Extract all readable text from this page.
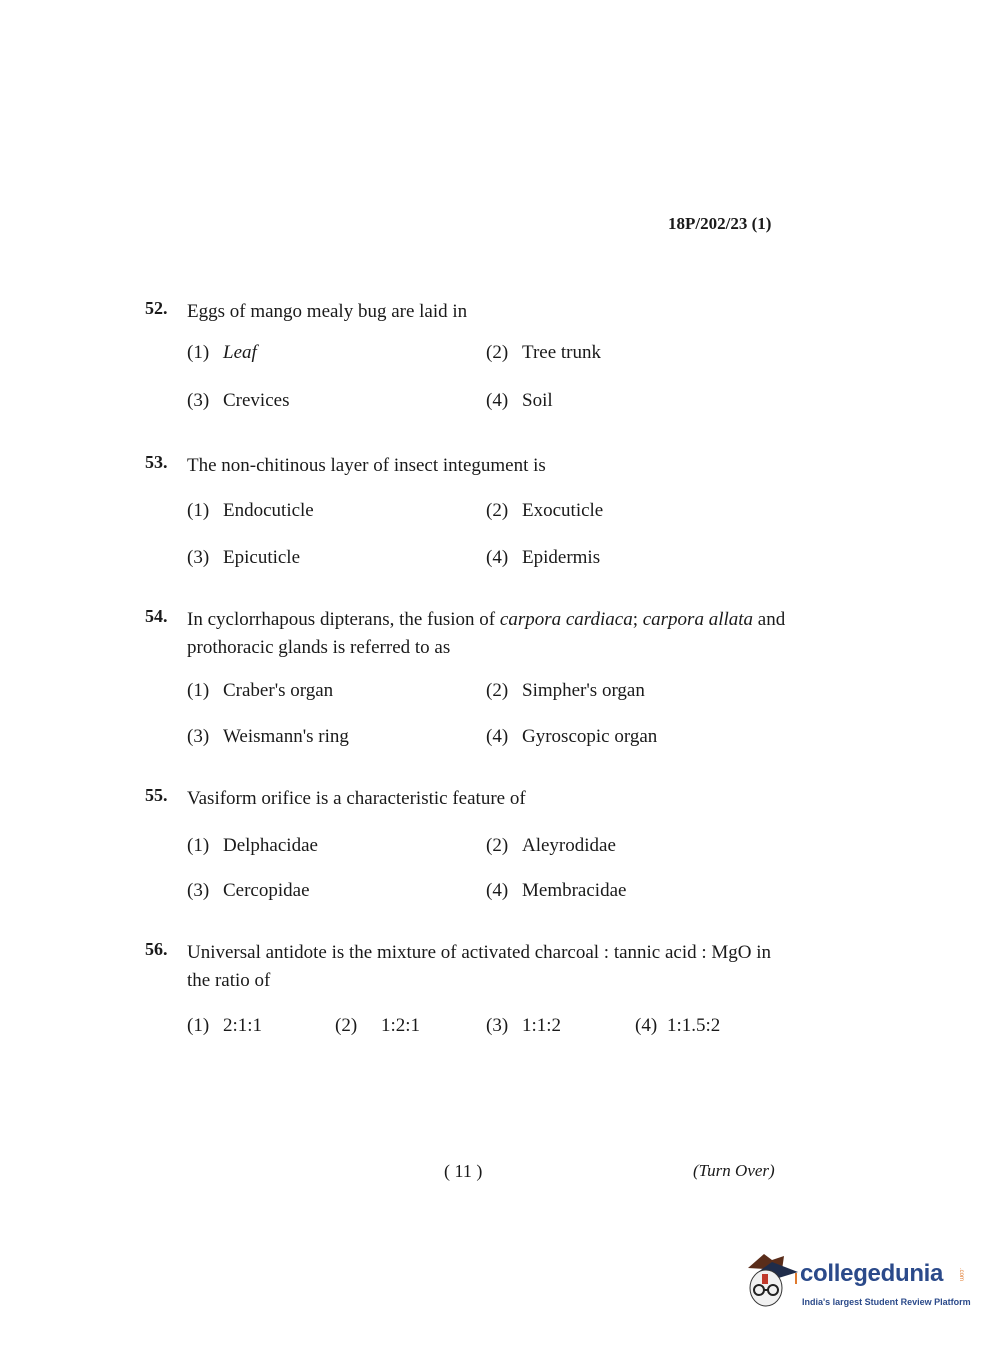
18P/202/23 (1)
52. Eggs of mango mealy bug are laid in
(1) Leaf	(2) Tree trunk
(3) Crevices	(4) Soil
53. The non-chitinous layer of insect integument is
(1) Endocuticle	(2) Exocuticle
(3) Epicuticle	(4) Epidermis
54. In cyclorrhapous dipterans, the fusion of carpora cardiaca; carpora allata and prothoracic glands is referred to as
(1) Craber's organ	(2) Simpher's organ
(3) Weismann's ring	(4) Gyroscopic organ
55. Vasiform orifice is a characteristic feature of
(1) Delphacidae	(2) Aleyrodidae
(3) Cercopidae	(4) Membracidae
56. Universal antidote is the mixture of activated charcoal : tannic acid : MgO in the ratio of
(1) 2:1:1	(2) 1:2:1	(3) 1:1:2	(4) 1:1.5:2
( 11 )	(Turn Over)
collegedunia .com
India's largest Student Review Platform
